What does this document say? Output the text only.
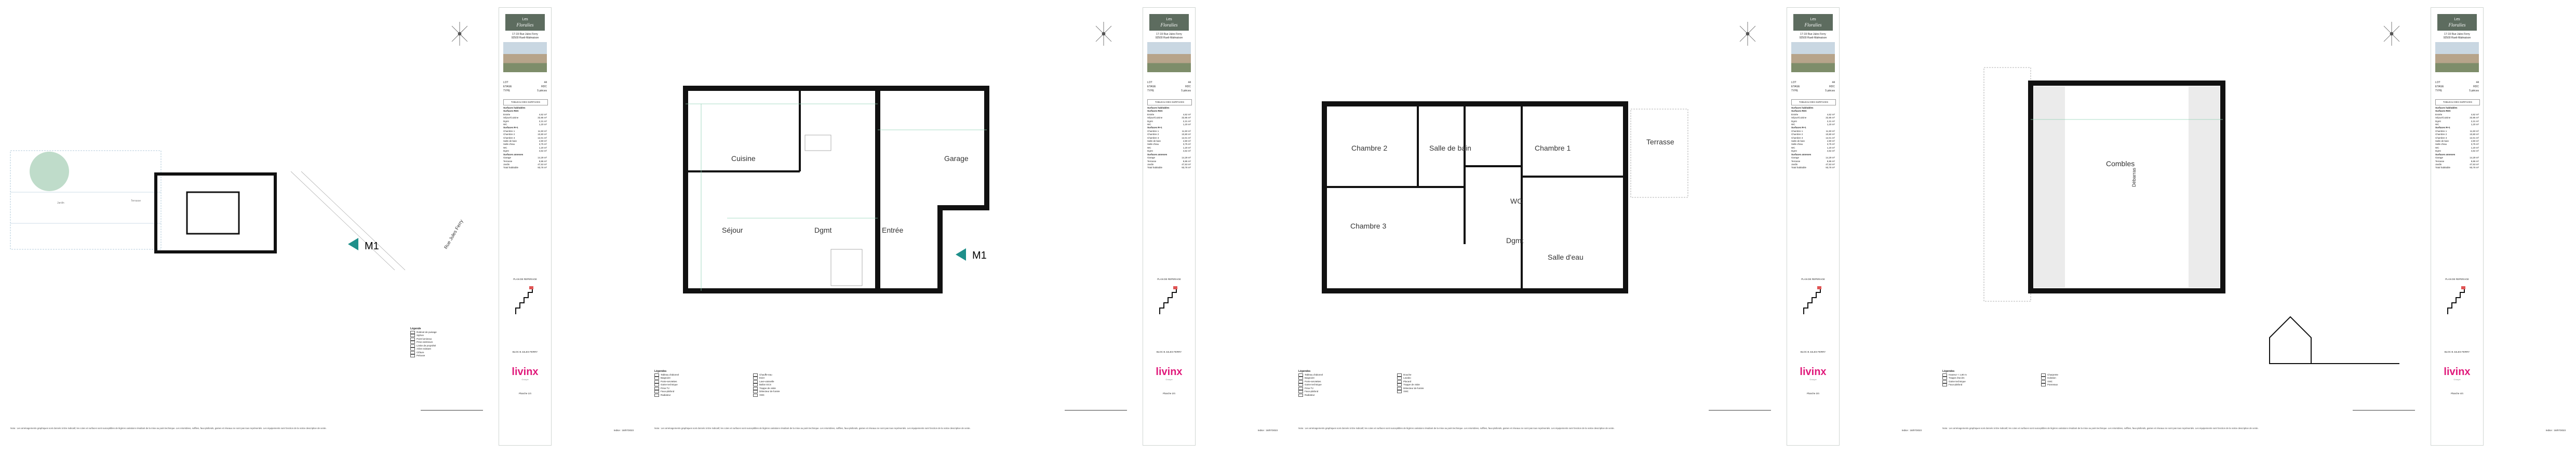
Jardin
Terrasse
Rue Jules Ferry
M1
Légende
Robinet de puisage
Siphon
Point lumineux
Prise extérieure
Limite de propriété
Arbre existant
Clôture
Pelouse
Les
Floralies
17-19 Rue Jules Ferry
92500 Rueil-Malmaison
LOT	44
ETAGE	RDC
TYPE	5 pièces
TABLEAU DES SURFACES
Surfaces habitables
Surfaces RDC
Entrée	4,62 m²
Séjour/Cuisine	32,85 m²
Dgmt	2,31 m²
WC	1,20 m²
Surfaces R+1
Chambre 1	11,50 m²
Chambre 2	10,80 m²
Chambre 3	12,01 m²
Salle de bain	4,90 m²
Salle d'eau	3,75 m²
WC	1,20 m²
Dgmt	4,64 m²
Surfaces annexes
Garage	14,29 m²
Terrasse	9,86 m²
Jardin	47,53 m²
Total habitable	93,78 m²
PLAN DE REPERAGE
BLOC B JULES FERRY
livinx
Groupe
Planche 1/4
Nota : Les aménagements graphiques sont donnés à titre indicatif, les cotes et surfaces sont susceptibles de légères variations résultant de la mise au point technique. Les retombées, soffites, faux-plafonds, gaines et réseaux ne sont pas tous représentés. Les équipements sont fonction de la notice descriptive de vente.
Indice : 18/07/2023
Cuisine	Garage
Séjour	Dgmt	Entrée
M1
Légendes
Tableau d'abonné	Chauffe-eau
Baignoire	Evier
Porte-serviettes	Lave-vaisselle
Gaine technique	Ballon ECS
Prise TV	Trappe de visite
Faux-plafond	Détecteur de fumée
Radiateur	VMC
Les
Floralies
17-19 Rue Jules Ferry
92500 Rueil-Malmaison
LOT	44
ETAGE	RDC
TYPE	5 pièces
TABLEAU DES SURFACES
Surfaces habitables
Surfaces RDC
Entrée	4,62 m²
Séjour/Cuisine	32,85 m²
Dgmt	2,31 m²
WC	1,20 m²
Surfaces R+1
Chambre 1	11,50 m²
Chambre 2	10,80 m²
Chambre 3	12,01 m²
Salle de bain	4,90 m²
Salle d'eau	3,75 m²
WC	1,20 m²
Dgmt	4,64 m²
Surfaces annexes
Garage	14,29 m²
Terrasse	9,86 m²
Jardin	47,53 m²
Total habitable	93,78 m²
PLAN DE REPERAGE
BLOC B JULES FERRY
livinx
Groupe
Planche 2/4
Nota : Les aménagements graphiques sont donnés à titre indicatif, les cotes et surfaces sont susceptibles de légères variations résultant de la mise au point technique. Les retombées, soffites, faux-plafonds, gaines et réseaux ne sont pas tous représentés. Les équipements sont fonction de la notice descriptive de vente.
Indice : 18/07/2023
Chambre 2	Salle de bain	Chambre 1
Terrasse
Chambre 3
WC
Dgmt
Salle d'eau
Légendes
Tableau d'abonné	Douche
Baignoire	Lavabo
Porte-serviettes	Placard
Gaine technique	Trappe de visite
Prise TV	Détecteur de fumée
Faux-plafond	VMC
Radiateur
Les
Floralies
17-19 Rue Jules Ferry
92500 Rueil-Malmaison
LOT	44
ETAGE	RDC
TYPE	5 pièces
TABLEAU DES SURFACES
Surfaces habitables
Surfaces RDC
Entrée	4,62 m²
Séjour/Cuisine	32,85 m²
Dgmt	2,31 m²
WC	1,20 m²
Surfaces R+1
Chambre 1	11,50 m²
Chambre 2	10,80 m²
Chambre 3	12,01 m²
Salle de bain	4,90 m²
Salle d'eau	3,75 m²
WC	1,20 m²
Dgmt	4,64 m²
Surfaces annexes
Garage	14,29 m²
Terrasse	9,86 m²
Jardin	47,53 m²
Total habitable	93,78 m²
PLAN DE REPERAGE
BLOC B JULES FERRY
livinx
Groupe
Planche 3/4
Nota : Les aménagements graphiques sont donnés à titre indicatif, les cotes et surfaces sont susceptibles de légères variations résultant de la mise au point technique. Les retombées, soffites, faux-plafonds, gaines et réseaux ne sont pas tous représentés. Les équipements sont fonction de la notice descriptive de vente.
Indice : 18/07/2023
Combles
Débarras
Légendes
Hauteur < 1,80 m	Charpente
Trappe d'accès	Isolation
Gaine technique	VMC
Faux-plafond	Panneaux
Les
Floralies
17-19 Rue Jules Ferry
92500 Rueil-Malmaison
LOT	44
ETAGE	RDC
TYPE	5 pièces
TABLEAU DES SURFACES
Surfaces habitables
Surfaces RDC
Entrée	4,62 m²
Séjour/Cuisine	32,85 m²
Dgmt	2,31 m²
WC	1,20 m²
Surfaces R+1
Chambre 1	11,50 m²
Chambre 2	10,80 m²
Chambre 3	12,01 m²
Salle de bain	4,90 m²
Salle d'eau	3,75 m²
WC	1,20 m²
Dgmt	4,64 m²
Surfaces annexes
Garage	14,29 m²
Terrasse	9,86 m²
Jardin	47,53 m²
Total habitable	93,78 m²
PLAN DE REPERAGE
BLOC B JULES FERRY
livinx
Groupe
Planche 4/4
Nota : Les aménagements graphiques sont donnés à titre indicatif, les cotes et surfaces sont susceptibles de légères variations résultant de la mise au point technique. Les retombées, soffites, faux-plafonds, gaines et réseaux ne sont pas tous représentés. Les équipements sont fonction de la notice descriptive de vente.
Indice : 18/07/2023
